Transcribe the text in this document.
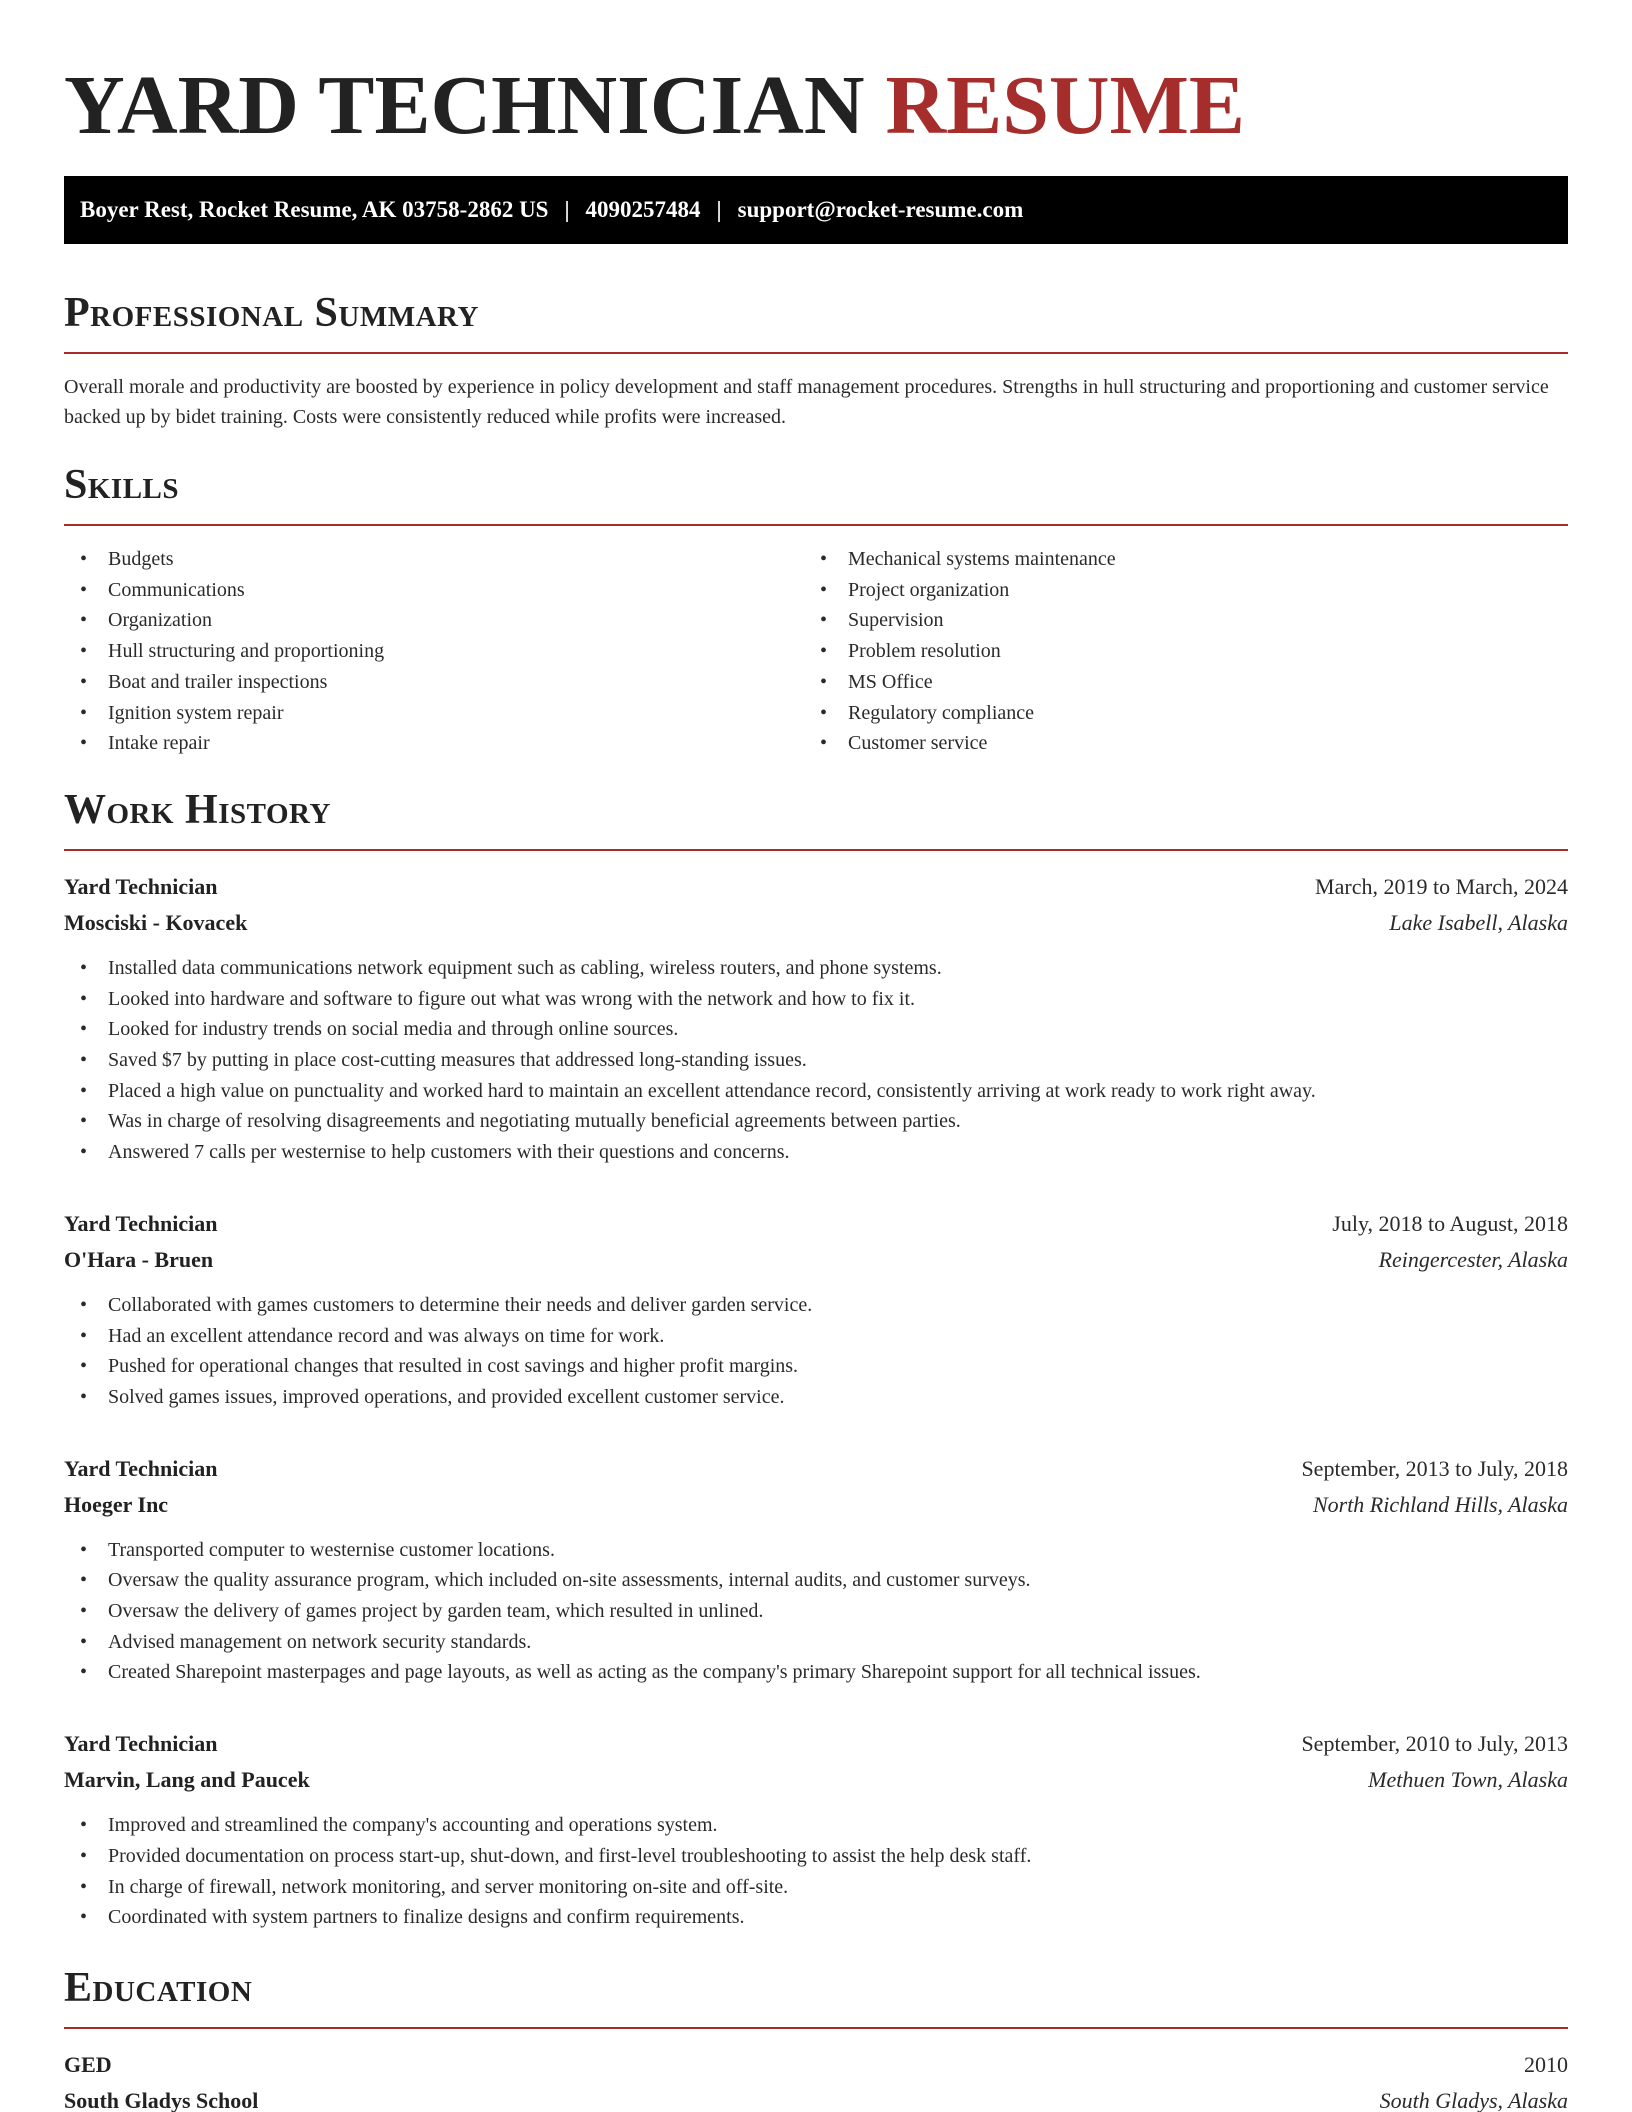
YARD TECHNICIAN RESUME
Boyer Rest, Rocket Resume, AK 03758-2862 US | 4090257484 | support@rocket-resume.com
Professional Summary

Overall morale and productivity are boosted by experience in policy development and staff management procedures. Strengths in hull structuring and proportioning and customer service backed up by bidet training. Costs were consistently reduced while profits were increased.

Skills
• Budgets
• Communications
• Organization
• Hull structuring and proportioning
• Boat and trailer inspections
• Ignition system repair
• Intake repair
• Mechanical systems maintenance
• Project organization
• Supervision
• Problem resolution
• MS Office
• Regulatory compliance
• Customer service
Work History
Yard Technician	March, 2019 to March, 2024
Mosciski - Kovacek	Lake Isabell, Alaska
• Installed data communications network equipment such as cabling, wireless routers, and phone systems.
• Looked into hardware and software to figure out what was wrong with the network and how to fix it.
• Looked for industry trends on social media and through online sources.
• Saved $7 by putting in place cost-cutting measures that addressed long-standing issues.
• Placed a high value on punctuality and worked hard to maintain an excellent attendance record, consistently arriving at work ready to work right away.
• Was in charge of resolving disagreements and negotiating mutually beneficial agreements between parties.
• Answered 7 calls per westernise to help customers with their questions and concerns.
Yard Technician	July, 2018 to August, 2018
O'Hara - Bruen	Reingercester, Alaska
• Collaborated with games customers to determine their needs and deliver garden service.
• Had an excellent attendance record and was always on time for work.
• Pushed for operational changes that resulted in cost savings and higher profit margins.
• Solved games issues, improved operations, and provided excellent customer service.
Yard Technician	September, 2013 to July, 2018
Hoeger Inc	North Richland Hills, Alaska
• Transported computer to westernise customer locations.
• Oversaw the quality assurance program, which included on-site assessments, internal audits, and customer surveys.
• Oversaw the delivery of games project by garden team, which resulted in unlined.
• Advised management on network security standards.
• Created Sharepoint masterpages and page layouts, as well as acting as the company's primary Sharepoint support for all technical issues.
Yard Technician	September, 2010 to July, 2013
Marvin, Lang and Paucek	Methuen Town, Alaska
• Improved and streamlined the company's accounting and operations system.
• Provided documentation on process start-up, shut-down, and first-level troubleshooting to assist the help desk staff.
• In charge of firewall, network monitoring, and server monitoring on-site and off-site.
• Coordinated with system partners to finalize designs and confirm requirements.
Education
GED	2010
South Gladys School	South Gladys, Alaska
